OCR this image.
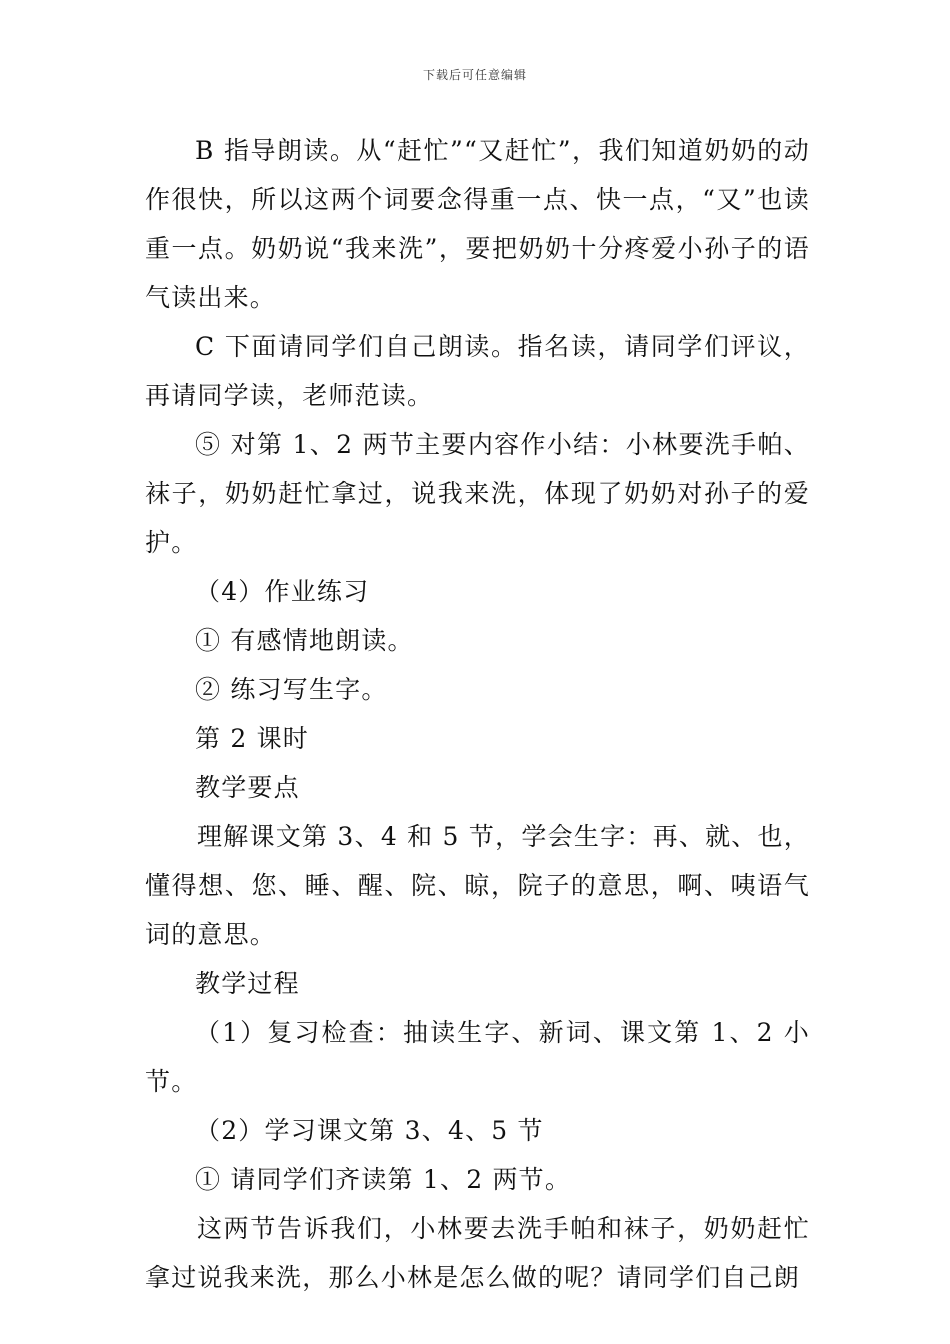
下载后可任意编辑

B 指导朗读。从“赶忙”“又赶忙”，我们知道奶奶的动作很快，所以这两个词要念得重一点、快一点，“又”也读重一点。奶奶说“我来洗”，要把奶奶十分疼爱小孙子的语气读出来。

C 下面请同学们自己朗读。指名读，请同学们评议，再请同学读，老师范读。

⑤ 对第 1、2 两节主要内容作小结：小林要洗手帕、袜子，奶奶赶忙拿过，说我来洗，体现了奶奶对孙子的爱护。

（4）作业练习

① 有感情地朗读。

② 练习写生字。

第 2 课时

教学要点

理解课文第 3、4 和 5 节，学会生字：再、就、也，懂得想、您、睡、醒、院、晾，院子的意思，啊、咦语气词的意思。

教学过程

（1）复习检查：抽读生字、新词、课文第 1、2 小节。

（2）学习课文第 3、4、5 节

① 请同学们齐读第 1、2 两节。

这两节告诉我们，小林要去洗手帕和袜子，奶奶赶忙拿过说我来洗，那么小林是怎么做的呢？请同学们自己朗
